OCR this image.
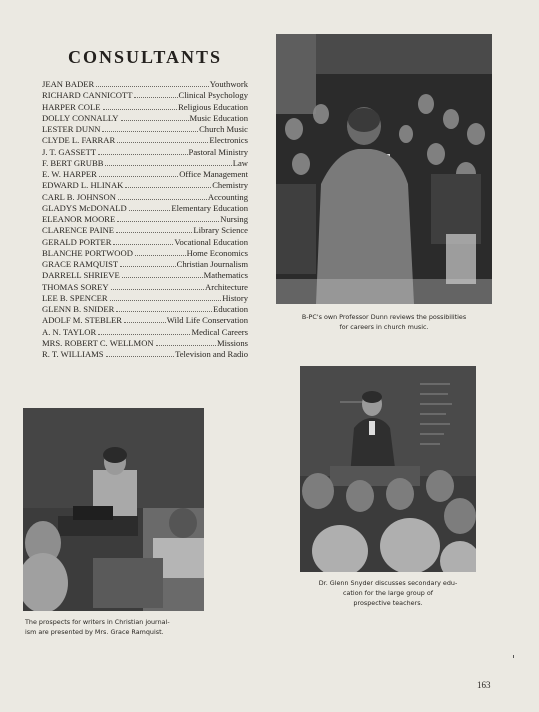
CONSULTANTS
JEAN BADER	Youthwork
RICHARD CANNICOTT	Clinical Psychology
HARPER COLE	Religious Education
DOLLY CONNALLY	Music Education
LESTER DUNN	Church Music
CLYDE L. FARRAR	Electronics
J. T. GASSETT	Pastoral Ministry
F. BERT GRUBB	Law
E. W. HARPER	Office Management
EDWARD L. HLINAK	Chemistry
CARL B. JOHNSON	Accounting
GLADYS McDONALD	Elementary Education
ELEANOR MOORE	Nursing
CLARENCE PAINE	Library Science
GERALD PORTER	Vocational Education
BLANCHE PORTWOOD	Home Economics
GRACE RAMQUIST	Christian Journalism
DARRELL SHRIEVE	Mathematics
THOMAS SOREY	Architecture
LEE B. SPENCER	History
GLENN B. SNIDER	Education
ADOLF M. STEBLER	Wild Life Conservation
A. N. TAYLOR	Medical Careers
MRS. ROBERT C. WELLMON	Missions
R. T. WILLIAMS	Television and Radio
B-PC's own Professor Dunn reviews the possibilities
for careers in church music.
The prospects for writers in Christian journal-
ism are presented by Mrs. Grace Ramquist.
Dr. Glenn Snyder discusses secondary edu-
cation for the large group of
prospective teachers.
163
